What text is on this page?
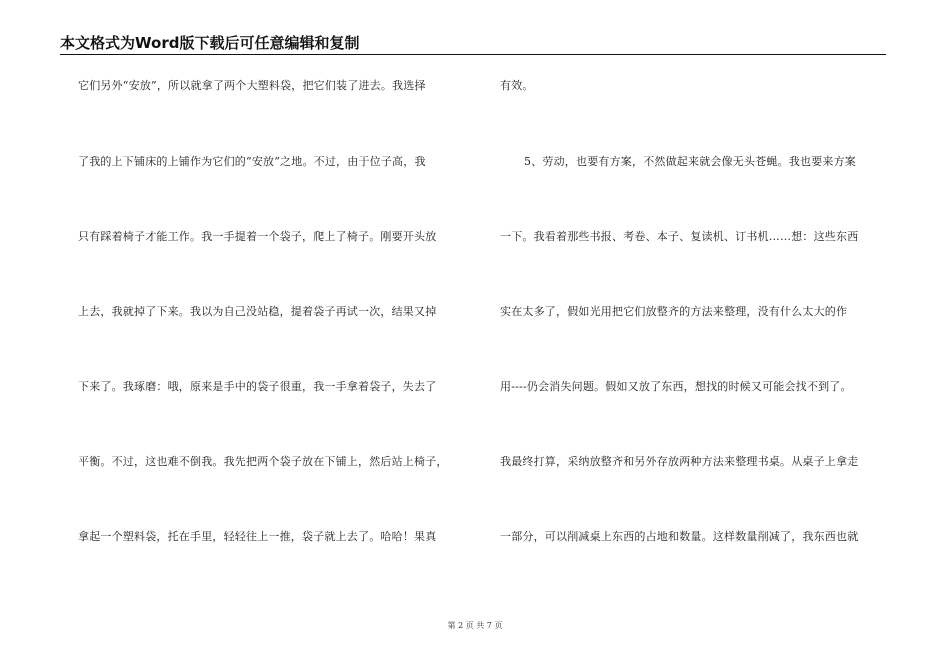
本文格式为Word版下载后可任意编辑和复制
它们另外“安放”，所以就拿了两个大塑料袋，把它们装了进去。我选择
了我的上下铺床的上铺作为它们的“安放”之地。不过，由于位子高，我
只有踩着椅子才能工作。我一手提着一个袋子，爬上了椅子。刚要开头放
上去，我就掉了下来。我以为自己没站稳，提着袋子再试一次，结果又掉
下来了。我琢磨：哦，原来是手中的袋子很重，我一手拿着袋子，失去了
平衡。不过，这也难不倒我。我先把两个袋子放在下铺上，然后站上椅子，
拿起一个塑料袋，托在手里，轻轻往上一推，袋子就上去了。哈哈！果真
有效。
5、劳动，也要有方案，不然做起来就会像无头苍蝇。我也要来方案
一下。我看着那些书报、考卷、本子、复读机、订书机……想：这些东西
实在太多了，假如光用把它们放整齐的方法来整理，没有什么太大的作
用----仍会消失问题。假如又放了东西，想找的时候又可能会找不到了。
我最终打算，采纳放整齐和另外存放两种方法来整理书桌。从桌子上拿走
一部分，可以削减桌上东西的占地和数量。这样数量削减了，我东西也就
第 2 页 共 7 页
